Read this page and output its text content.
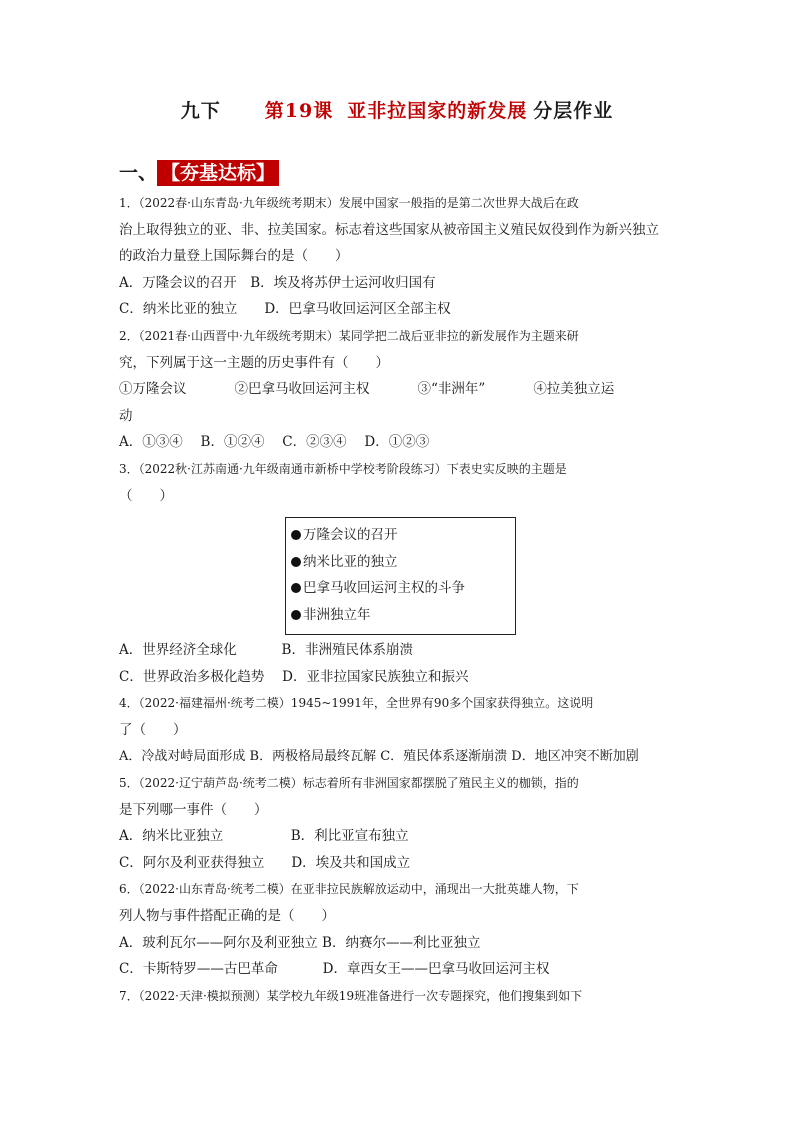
九下 第19课 亚非拉国家的新发展 分层作业
一、 【夯基达标】
1．（2022春·山东青岛·九年级统考期末）发展中国家一般指的是第二次世界大战后在政
治上取得独立的亚、非、拉美国家。标志着这些国家从被帝国主义殖民奴役到作为新兴独立
的政治力量登上国际舞台的是（　　）
A．万隆会议的召开　B．埃及将苏伊士运河收归国有
C．纳米比亚的独立　　D．巴拿马收回运河区全部主权
2．（2021春·山西晋中·九年级统考期末）某同学把二战后亚非拉的新发展作为主题来研
究，下列属于这一主题的历史事件有（　　）
①万隆会议	②巴拿马收回运河主权	③“非洲年”	④拉美独立运
动
A．①③④　 B．①②④　 C．②③④　 D．①②③
3．（2022秋·江苏南通·九年级南通市新桥中学校考阶段练习）下表史实反映的主题是
（　　）
万隆会议的召开
纳米比亚的独立
巴拿马收回运河主权的斗争
非洲独立年
A．世界经济全球化　　　 B．非洲殖民体系崩溃
C．世界政治多极化趋势　 D．亚非拉国家民族独立和振兴
4．（2022·福建福州·统考二模）1945~1991年，全世界有90多个国家获得独立。这说明
了（　　）
A．冷战对峙局面形成 B．两极格局最终瓦解 C．殖民体系逐渐崩溃 D．地区冲突不断加剧
5．（2022·辽宁葫芦岛·统考二模）标志着所有非洲国家都摆脱了殖民主义的枷锁，指的
是下列哪一事件（　　）
A．纳米比亚独立　　　　　B．利比亚宣布独立
C．阿尔及利亚获得独立　　D．埃及共和国成立
6．（2022·山东青岛·统考二模）在亚非拉民族解放运动中，涌现出一大批英雄人物，下
列人物与事件搭配正确的是（　　）
A．玻利瓦尔——阿尔及利亚独立 B．纳赛尔——利比亚独立
C．卡斯特罗——古巴革命　　　 D．章西女王——巴拿马收回运河主权
7．（2022·天津·模拟预测）某学校九年级19班准备进行一次专题探究，他们搜集到如下
